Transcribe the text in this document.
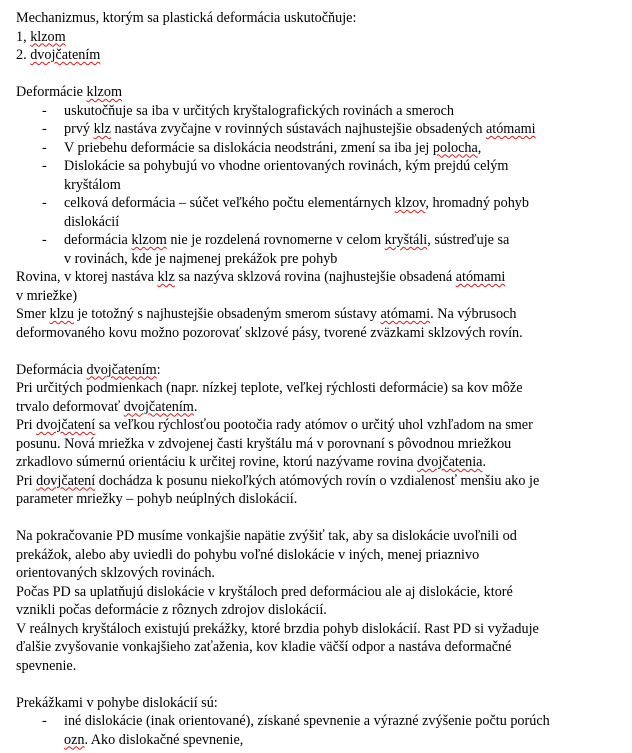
Mechanizmus, ktorým sa plastická deformácia uskutočňuje:
1, klzom
2. dvojčatením
Deformácie klzom
- uskutočňuje sa iba v určitých kryštalografických rovinách a smeroch
- prvý klz nastáva zvyčajne v rovinných sústavách najhustejšie obsadených atómami
- V priebehu deformácie sa dislokácia neodstráni, zmení sa iba jej polocha,
- Dislokácie sa pohybujú vo vhodne orientovaných rovinách, kým prejdú celým
kryštálom
- celková deformácia – súčet veľkého počtu elementárnych klzov, hromadný pohyb
dislokácií
- deformácia klzom nie je rozdelená rovnomerne v celom kryštáli, sústreďuje sa
v rovinách, kde je najmenej prekážok pre pohyb
Rovina, v ktorej nastáva klz sa nazýva sklzová rovina (najhustejšie obsadená atómami
v mriežke)
Smer klzu je totožný s najhustejšie obsadeným smerom sústavy atómami. Na výbrusoch
deformovaného kovu možno pozorovať sklzové pásy, tvorené zväzkami sklzových rovín.
Deformácia dvojčatením:
Pri určitých podmienkach (napr. nízkej teplote, veľkej rýchlosti deformácie) sa kov môže
trvalo deformovať dvojčatením.
Pri dvojčatení sa veľkou rýchlosťou pootočia rady atómov o určitý uhol vzhľadom na smer
posunu. Nová mriežka v zdvojenej časti kryštálu má v porovnaní s pôvodnou mriežkou
zrkadlovo súmernú orientáciu k určitej rovine, ktorú nazývame rovina dvojčatenia.
Pri dovjčatení dochádza k posunu niekoľkých atómových rovín o vzdialenosť menšiu ako je
parameter mriežky – pohyb neúplných dislokácií.
Na pokračovanie PD musíme vonkajšie napätie zvýšiť tak, aby sa dislokácie uvoľnili od
prekážok, alebo aby uviedli do pohybu voľné dislokácie v iných, menej priaznivo
orientovaných sklzových rovinách.
Počas PD sa uplatňujú dislokácie v kryštáloch pred deformáciou ale aj dislokácie, ktoré
vznikli počas deformácie z rôznych zdrojov dislokácií.
V reálnych kryštáloch existujú prekážky, ktoré brzdia pohyb dislokácií. Rast PD si vyžaduje
ďalšie zvyšovanie vonkajšieho zaťaženia, kov kladie väčší odpor a nastáva deformačné
spevnenie.
Prekážkami v pohybe dislokácií sú:
- iné dislokácie (inak orientované), získané spevnenie a výrazné zvýšenie počtu porúch
ozn. Ako dislokačné spevnenie,
